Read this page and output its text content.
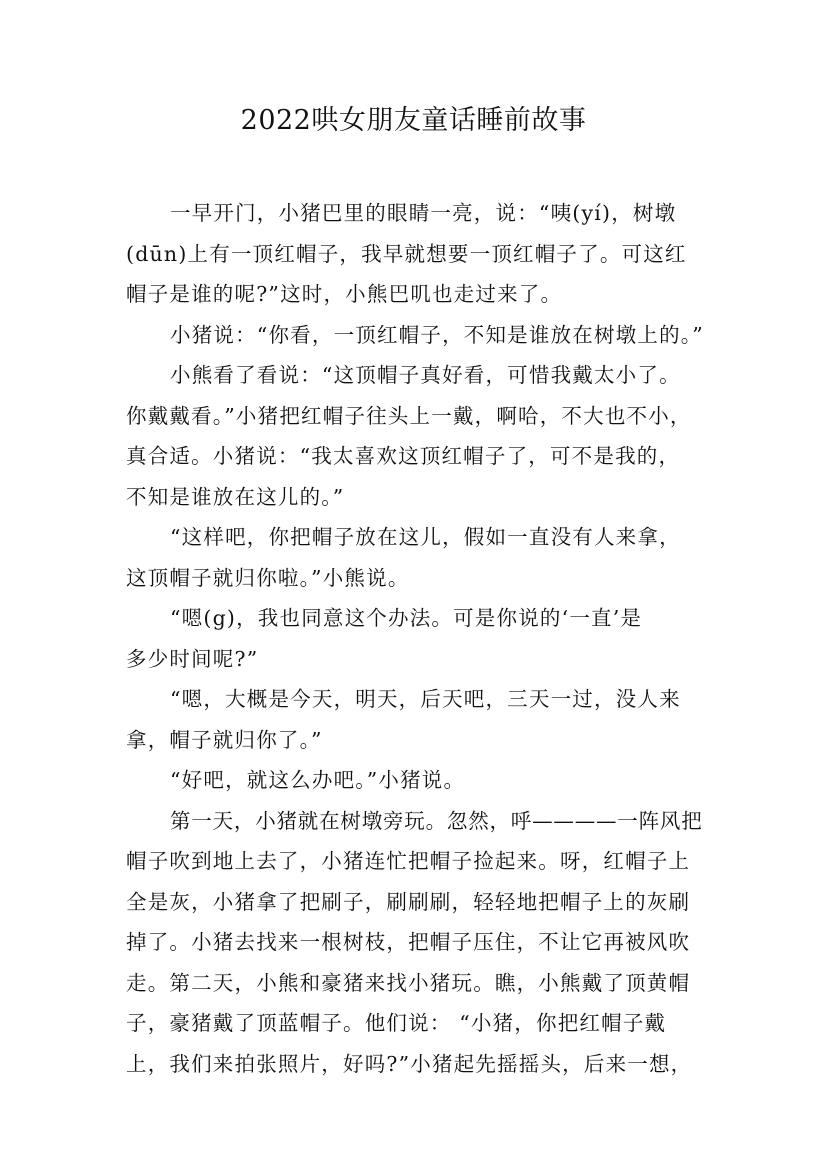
2022哄女朋友童话睡前故事
一早开门，小猪巴里的眼睛一亮，说：“咦(yí)，树墩
(dūn)上有一顶红帽子，我早就想要一顶红帽子了。可这红
帽子是谁的呢?”这时，小熊巴叽也走过来了。
小猪说：“你看，一顶红帽子，不知是谁放在树墩上的。”
小熊看了看说：“这顶帽子真好看，可惜我戴太小了。
你戴戴看。”小猪把红帽子往头上一戴，啊哈，不大也不小，
真合适。小猪说：“我太喜欢这顶红帽子了，可不是我的，
不知是谁放在这儿的。”
“这样吧，你把帽子放在这儿，假如一直没有人来拿，
这顶帽子就归你啦。”小熊说。
“嗯(g)，我也同意这个办法。可是你说的‘一直’是
多少时间呢?”
“嗯，大概是今天，明天，后天吧，三天一过，没人来
拿，帽子就归你了。”
“好吧，就这么办吧。”小猪说。
第一天，小猪就在树墩旁玩。忽然，呼————一阵风把
帽子吹到地上去了，小猪连忙把帽子捡起来。呀，红帽子上
全是灰，小猪拿了把刷子，刷刷刷，轻轻地把帽子上的灰刷
掉了。小猪去找来一根树枝，把帽子压住，不让它再被风吹
走。第二天，小熊和豪猪来找小猪玩。瞧，小熊戴了顶黄帽
子，豪猪戴了顶蓝帽子。他们说： “小猪，你把红帽子戴
上，我们来拍张照片，好吗?”小猪起先摇摇头，后来一想，
